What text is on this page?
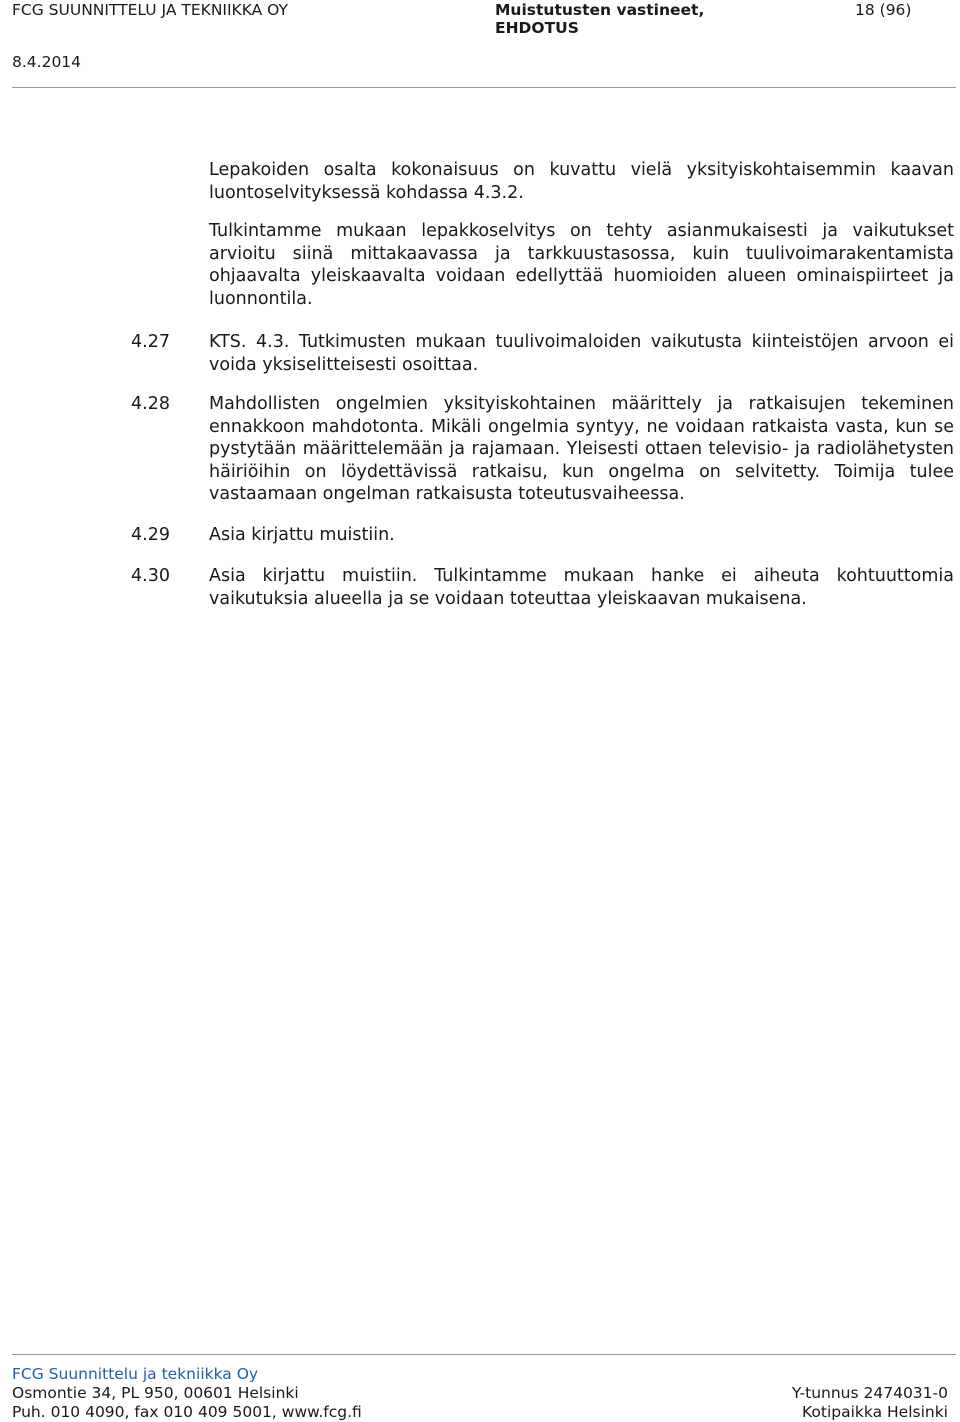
FCG SUUNNITTELU JA TEKNIIKKA OY	Muistutusten vastineet,
EHDOTUS
18 (96)
8.4.2014

Lepakoiden osalta kokonaisuus on kuvattu vielä yksityiskohtaisemmin kaavan luontoselvityksessä kohdassa 4.3.2.

Tulkintamme mukaan lepakkoselvitys on tehty asianmukaisesti ja vaikutukset arvioitu siinä mittakaavassa ja tarkkuustasossa, kuin tuulivoimarakentamista ohjaavalta yleiskaavalta voidaan edellyttää huomioiden alueen ominaispiirteet ja luonnontila.

4.27 KTS. 4.3. Tutkimusten mukaan tuulivoimaloiden vaikutusta kiinteistöjen arvoon ei voida yksiselitteisesti osoittaa.

4.28 Mahdollisten ongelmien yksityiskohtainen määrittely ja ratkaisujen tekeminen ennakkoon mahdotonta. Mikäli ongelmia syntyy, ne voidaan ratkaista vasta, kun se pystytään määrittelemään ja rajamaan. Yleisesti ottaen televisio- ja radiolähetysten häiriöihin on löydettävissä ratkaisu, kun ongelma on selvitetty. Toimija tulee vastaamaan ongelman ratkaisusta toteutusvaiheessa.

4.29 Asia kirjattu muistiin.

4.30 Asia kirjattu muistiin. Tulkintamme mukaan hanke ei aiheuta kohtuuttomia vaikutuksia alueella ja se voidaan toteuttaa yleiskaavan mukaisena.

FCG Suunnittelu ja tekniikka Oy
Osmontie 34, PL 950, 00601 Helsinki
Puh. 010 4090, fax 010 409 5001, www.fcg.fi
Y-tunnus 2474031-0
Kotipaikka Helsinki
